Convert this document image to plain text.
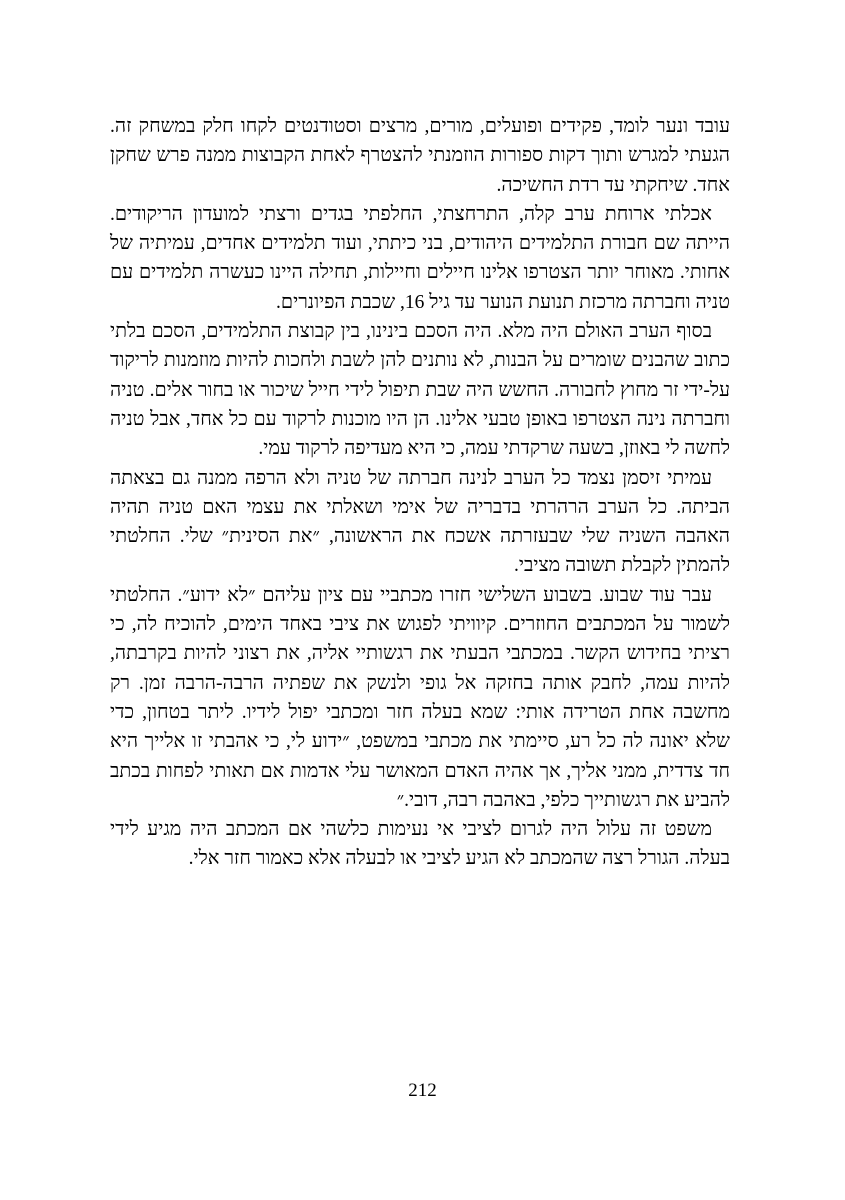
עובד ונער לומד, פקידים ופועלים, מורים, מרצים וסטודנטים לקחו חלק במשחק זה. הגעתי למגרש ותוך דקות ספורות הוזמנתי להצטרף לאחת הקבוצות ממנה פרש שחקן אחד. שיחקתי עד רדת החשיכה.

אכלתי ארוחת ערב קלה, התרחצתי, החלפתי בגדים ורצתי למועדון הריקודים. הייתה שם חבורת התלמידים היהודים, בני כיתתי, ועוד תלמידים אחדים, עמיתיה של אחותי. מאוחר יותר הצטרפו אלינו חיילים וחיילות, תחילה היינו כעשרה תלמידים עם טניה וחברתה מרכזת תנועת הנוער עד גיל 16, שכבת הפיונרים.

בסוף הערב האולם היה מלא. היה הסכם בינינו, בין קבוצת התלמידים, הסכם בלתי כתוב שהבנים שומרים על הבנות, לא נותנים להן לשבת ולחכות להיות מוזמנות לריקוד על-ידי זר מחוץ לחבורה. החשש היה שבת תיפול לידי חייל שיכור או בחור אלים. טניה וחברתה נינה הצטרפו באופן טבעי אלינו. הן היו מוכנות לרקוד עם כל אחד, אבל טניה לחשה לי באוזן, בשעה שרקדתי עמה, כי היא מעדיפה לרקוד עמי.

עמיתי זיסמן נצמד כל הערב לנינה חברתה של טניה ולא הרפה ממנה גם בצאתה הביתה. כל הערב הרהרתי בדבריה של אימי ושאלתי את עצמי האם טניה תהיה האהבה השניה שלי שבעזרתה אשכח את הראשונה, ״את הסינית״ שלי. החלטתי להמתין לקבלת תשובה מציבי.

עבר עוד שבוע. בשבוע השלישי חזרו מכתביי עם ציון עליהם ״לא ידוע״. החלטתי לשמור על המכתבים החוזרים. קיוויתי לפגוש את ציבי באחד הימים, להוכיח לה, כי רציתי בחידוש הקשר. במכתבי הבעתי את רגשותיי אליה, את רצוני להיות בקרבתה, להיות עמה, לחבק אותה בחזקה אל גופי ולנשק את שפתיה הרבה-הרבה זמן. רק מחשבה אחת הטרידה אותי: שמא בעלה חזר ומכתבי יפול לידיו. ליתר בטחון, כדי שלא יאונה לה כל רע, סיימתי את מכתבי במשפט, ״ידוע לי, כי אהבתי זו אלייך היא חד צדדית, ממני אליך, אך אהיה האדם המאושר עלי אדמות אם תאותי לפחות בכתב להביע את רגשותייך כלפי, באהבה רבה, דובי.״

משפט זה עלול היה לגרום לציבי אי נעימות כלשהי אם המכתב היה מגיע לידי בעלה. הגורל רצה שהמכתב לא הגיע לציבי או לבעלה אלא כאמור חזר אלי.

212
